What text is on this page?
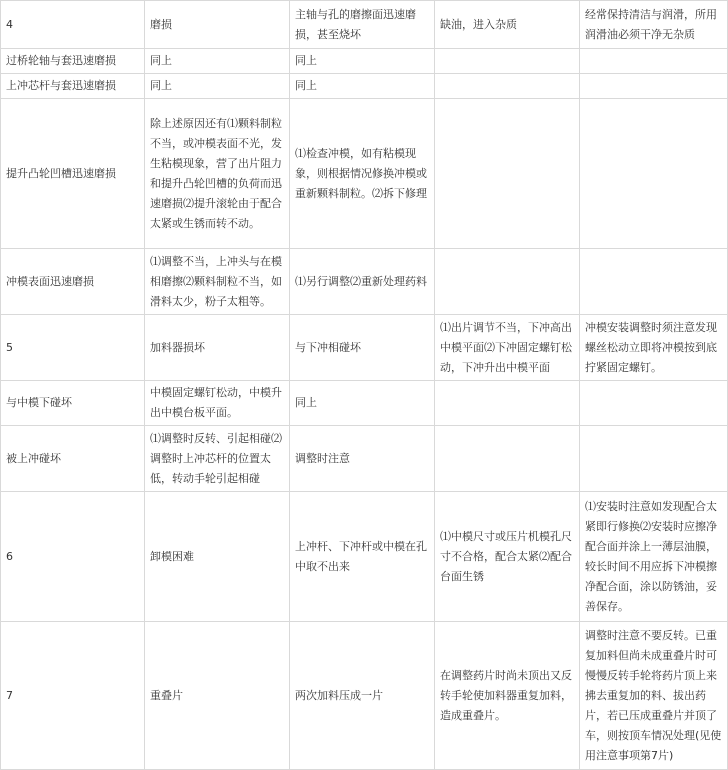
4	磨损	主轴与孔的磨擦面迅速磨损，甚至烧坏	缺油，进入杂质	经常保持清洁与润滑，所用润滑油必须干净无杂质
过桥轮轴与套迅速磨损	同上	同上		
上冲芯杆与套迅速磨损	同上	同上		
提升凸轮凹槽迅速磨损	除上述原因还有⑴颗料制粒不当，或冲模表面不光，发生粘模现象，营了出片阻力和提升凸轮凹槽的负荷而迅速磨损⑵提升滚轮由于配合太紧或生锈而转不动。	⑴检查冲模，如有粘模现象，则根据情况修换冲模或重新颗料制粒。⑵拆下修理		
冲模表面迅速磨损	⑴调整不当，上冲头与在模相磨擦⑵颗料制粒不当，如滑料太少，粉子太粗等。	⑴另行调整⑵重新处理药料		
5	加料器损坏	与下冲相碰坏	⑴出片调节不当，下冲高出中模平面⑵下冲固定螺钉松动，下冲升出中模平面	冲模安装调整时须注意发现螺丝松动立即将冲模按到底拧紧固定螺钉。
与中模下碰坏	中模固定螺钉松动，中模升出中模台板平面。	同上		
被上冲碰坏	⑴调整时反转、引起相碰⑵调整时上冲芯杆的位置太低，转动手轮引起相碰	调整时注意		
6	卸模困难	上冲杆、下冲杆或中模在孔中取不出来	⑴中模尺寸或压片机模孔尺寸不合格，配合太紧⑵配合台面生锈	⑴安装时注意如发现配合太紧即行修换⑵安装时应擦净配合面并涂上一薄层油膜，较长时间不用应拆下冲模擦净配合面，涂以防锈油，妥善保存。
7	重叠片	两次加料压成一片	在调整药片时尚未顶出又反转手轮使加料器重复加料，造成重叠片。	调整时注意不要反转。已重复加料但尚未成重叠片时可慢慢反转手轮将药片顶上来拂去重复加的料、拔出药片，若已压成重叠片并顶了车，则按顶车情况处理(见使用注意事项第7片)
